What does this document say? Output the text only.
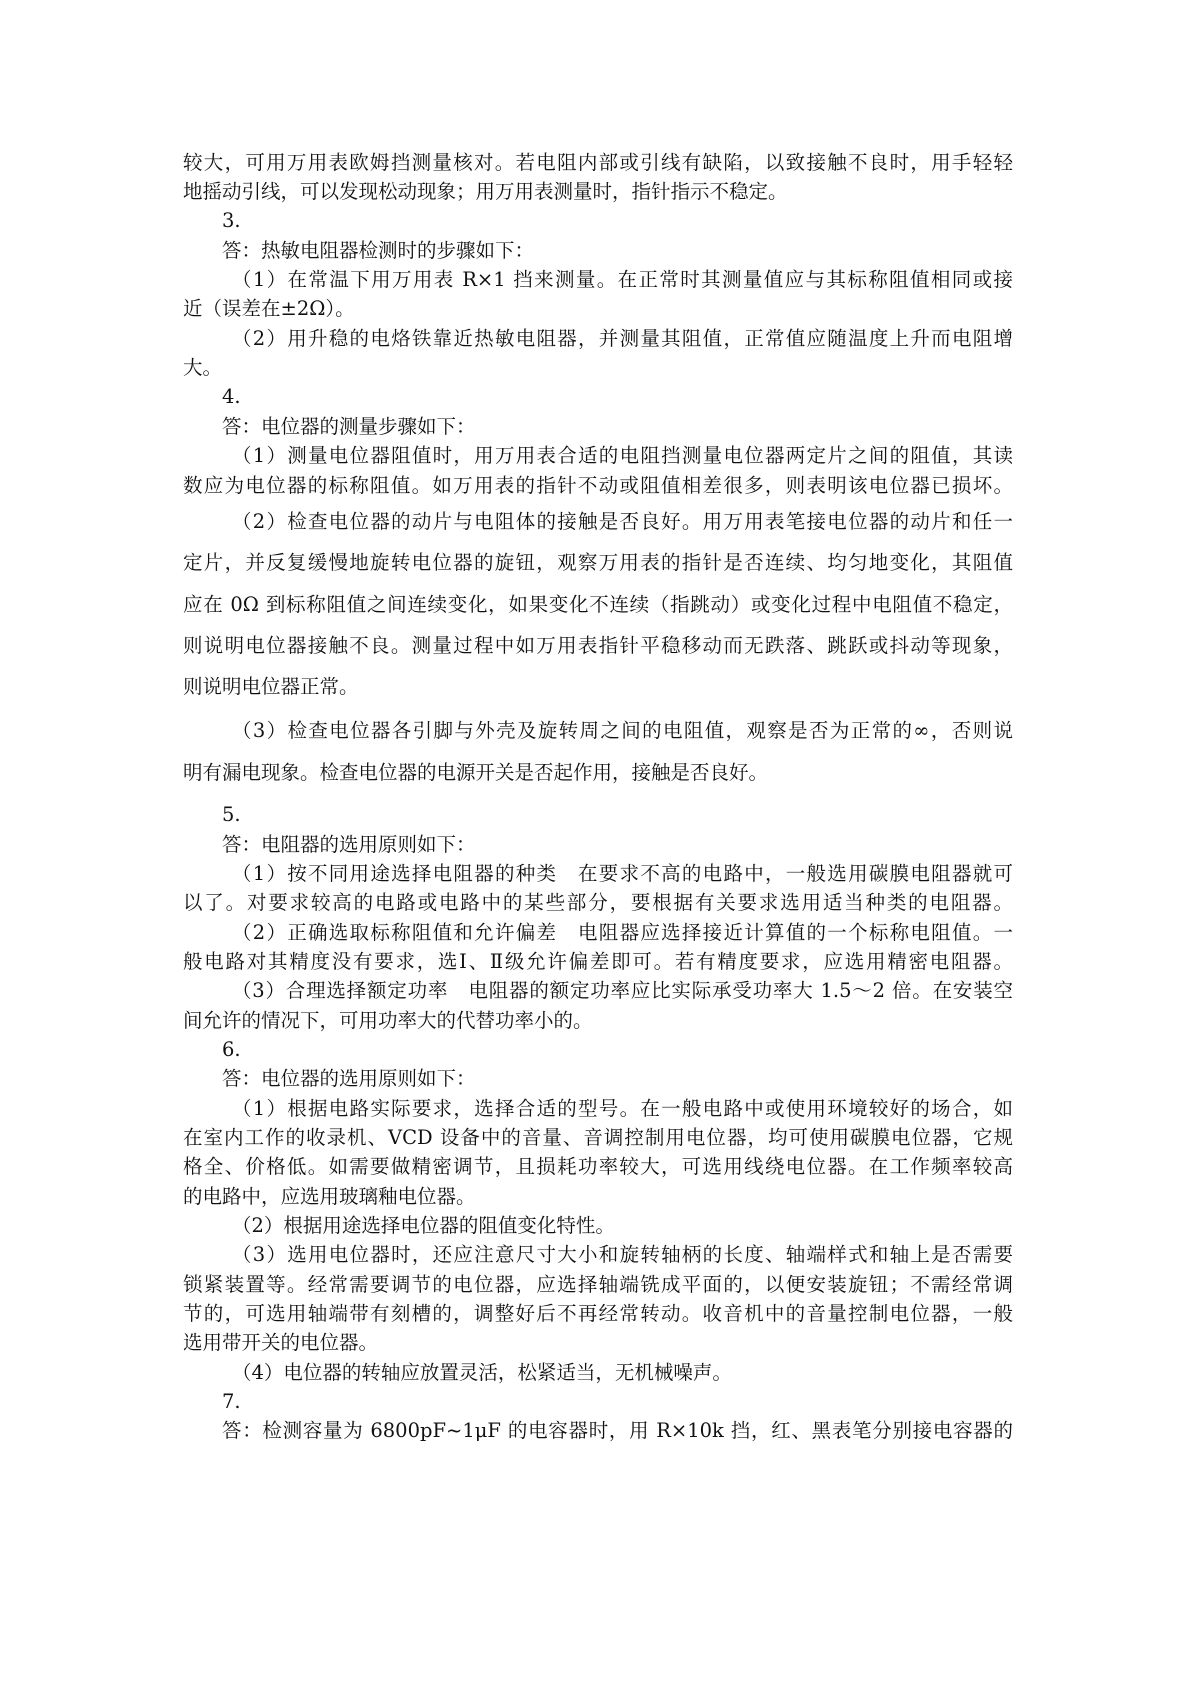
较大，可用万用表欧姆挡测量核对。若电阻内部或引线有缺陷，以致接触不良时，用手轻轻

地摇动引线，可以发现松动现象；用万用表测量时，指针指示不稳定。

3.

答：热敏电阻器检测时的步骤如下：

（1）在常温下用万用表 R×1 挡来测量。在正常时其测量值应与其标称阻值相同或接

近（误差在±2Ω）。

（2）用升稳的电烙铁靠近热敏电阻器，并测量其阻值，正常值应随温度上升而电阻增

大。

4.

答：电位器的测量步骤如下：

（1）测量电位器阻值时，用万用表合适的电阻挡测量电位器两定片之间的阻值，其读

数应为电位器的标称阻值。如万用表的指针不动或阻值相差很多，则表明该电位器已损坏。

（2）检查电位器的动片与电阻体的接触是否良好。用万用表笔接电位器的动片和任一

定片，并反复缓慢地旋转电位器的旋钮，观察万用表的指针是否连续、均匀地变化，其阻值

应在 0Ω 到标称阻值之间连续变化，如果变化不连续（指跳动）或变化过程中电阻值不稳定，

则说明电位器接触不良。测量过程中如万用表指针平稳移动而无跌落、跳跃或抖动等现象，

则说明电位器正常。

（3）检查电位器各引脚与外壳及旋转周之间的电阻值，观察是否为正常的∞，否则说

明有漏电现象。检查电位器的电源开关是否起作用，接触是否良好。

5.

答：电阻器的选用原则如下：

（1）按不同用途选择电阻器的种类　在要求不高的电路中，一般选用碳膜电阻器就可

以了。对要求较高的电路或电路中的某些部分，要根据有关要求选用适当种类的电阻器。

（2）正确选取标称阻值和允许偏差　电阻器应选择接近计算值的一个标称电阻值。一

般电路对其精度没有要求，选Ⅰ、Ⅱ级允许偏差即可。若有精度要求，应选用精密电阻器。

（3）合理选择额定功率　电阻器的额定功率应比实际承受功率大 1.5～2 倍。在安装空

间允许的情况下，可用功率大的代替功率小的。

6.

答：电位器的选用原则如下：

（1）根据电路实际要求，选择合适的型号。在一般电路中或使用环境较好的场合，如

在室内工作的收录机、VCD 设备中的音量、音调控制用电位器，均可使用碳膜电位器，它规

格全、价格低。如需要做精密调节，且损耗功率较大，可选用线绕电位器。在工作频率较高

的电路中，应选用玻璃釉电位器。

（2）根据用途选择电位器的阻值变化特性。

（3）选用电位器时，还应注意尺寸大小和旋转轴柄的长度、轴端样式和轴上是否需要

锁紧装置等。经常需要调节的电位器，应选择轴端铣成平面的，以便安装旋钮；不需经常调

节的，可选用轴端带有刻槽的，调整好后不再经常转动。收音机中的音量控制电位器，一般

选用带开关的电位器。

（4）电位器的转轴应放置灵活，松紧适当，无机械噪声。

7.

答：检测容量为 6800pF~1μF 的电容器时，用 R×10k 挡，红、黑表笔分别接电容器的
